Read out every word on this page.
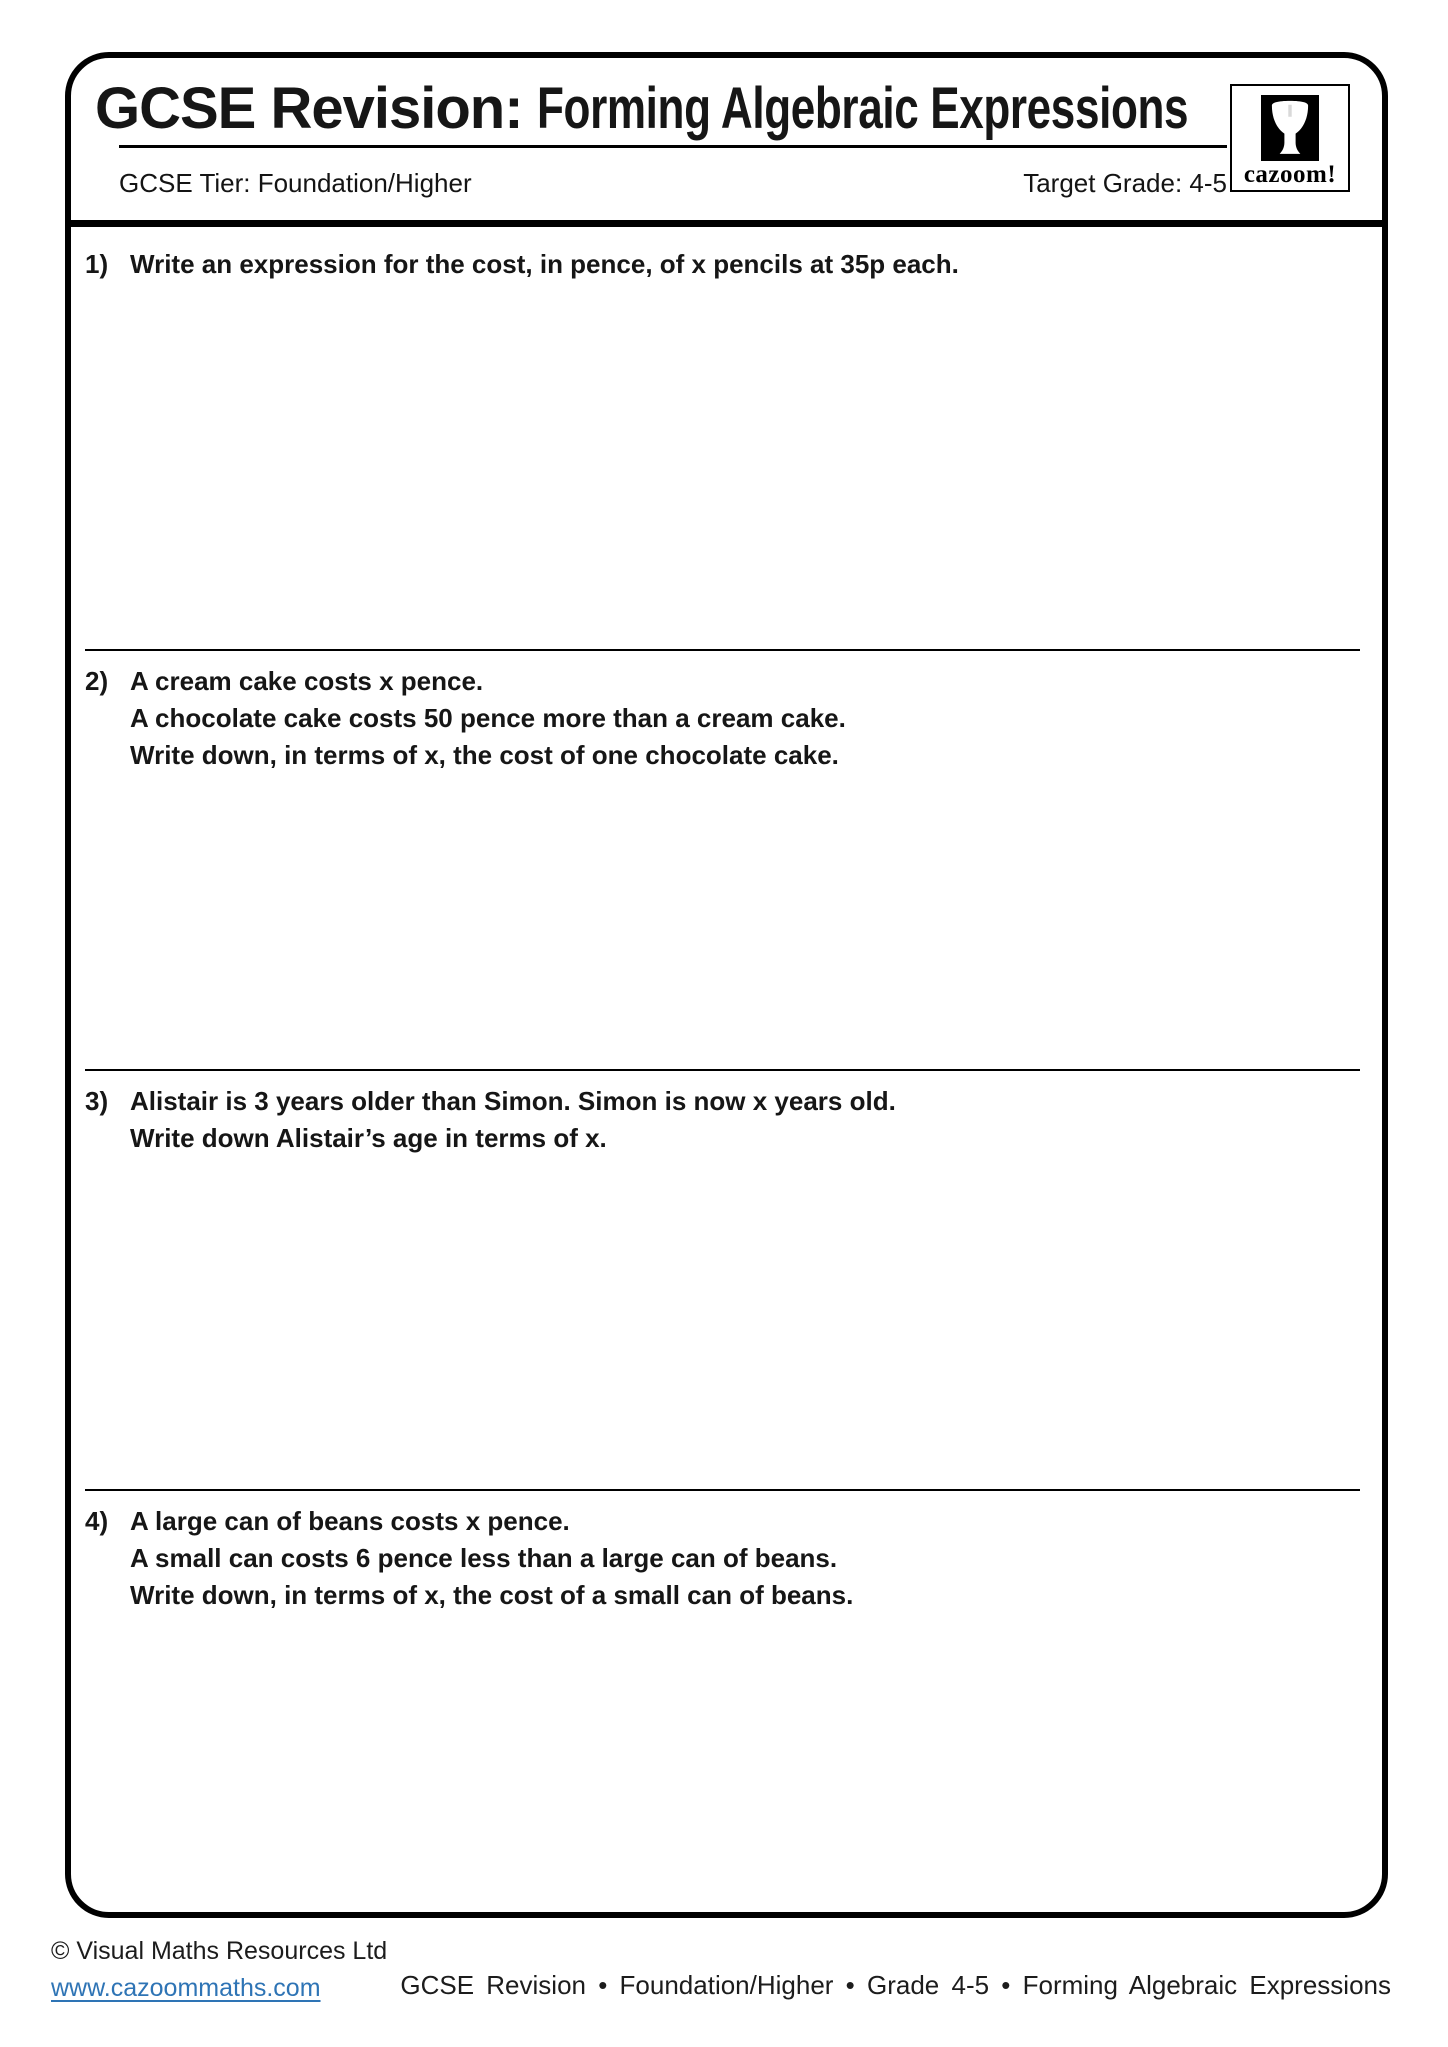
GCSE Revision: Forming Algebraic Expressions
GCSE Tier: Foundation/Higher	Target Grade: 4-5 cazoom!
1) Write an expression for the cost, in pence, of x pencils at 35p each.
2) A cream cake costs x pence.
A chocolate cake costs 50 pence more than a cream cake.
Write down, in terms of x, the cost of one chocolate cake.
3) Alistair is 3 years older than Simon. Simon is now x years old.
Write down Alistair’s age in terms of x.
4) A large can of beans costs x pence.
A small can costs 6 pence less than a large can of beans.
Write down, in terms of x, the cost of a small can of beans.
© Visual Maths Resources Ltd
www.cazoommaths.com	GCSE Revision • Foundation/Higher • Grade 4-5 • Forming Algebraic Expressions
